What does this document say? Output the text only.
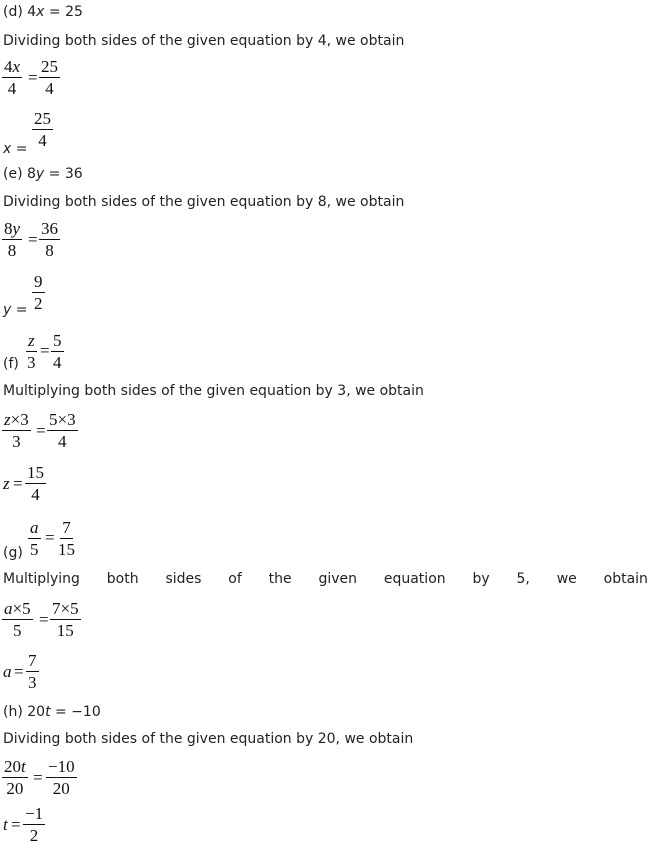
(d) 4x = 25
Dividing both sides of the given equation by 4, we obtain
$\frac{4x}{4} = \frac{25}{4}$
$x = \frac{25}{4}$
(e) 8y = 36
Dividing both sides of the given equation by 8, we obtain
$\frac{8y}{8} = \frac{36}{8}$
$y = \frac{9}{2}$
$(f) \frac{z}{3} = \frac{5}{4}$
Multiplying both sides of the given equation by 3, we obtain
$\frac{z\times 3}{3} = \frac{5\times 3}{4}$
$z = \frac{15}{4}$
$(g) \frac{a}{5} = \frac{7}{15}$
Multiplying both sides of the given equation by 5, we obtain
$\frac{a\times 5}{5} = \frac{7\times 5}{15}$
$a = \frac{7}{3}$
(h) 20t = −10
Dividing both sides of the given equation by 20, we obtain
$\frac{20t}{20} = \frac{-10}{20}$
$t = \frac{-1}{2}$
